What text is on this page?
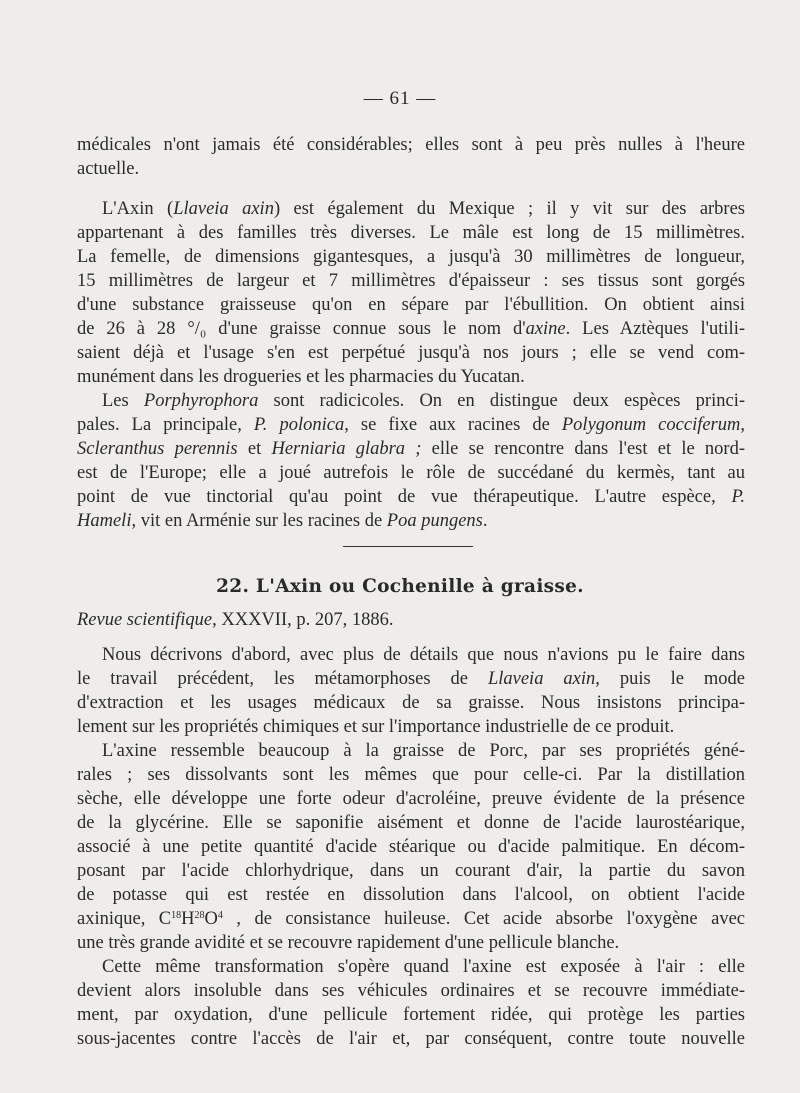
— 61 —
médicales n'ont jamais été considérables; elles sont à peu près nulles à l'heure
actuelle.
L'Axin (Llaveia axin) est également du Mexique ; il y vit sur des arbres
appartenant à des familles très diverses. Le mâle est long de 15 millimètres.
La femelle, de dimensions gigantesques, a jusqu'à 30 millimètres de longueur,
15 millimètres de largeur et 7 millimètres d'épaisseur : ses tissus sont gorgés
d'une substance graisseuse qu'on en sépare par l'ébullition. On obtient ainsi
de 26 à 28 °/₀ d'une graisse connue sous le nom d'axine. Les Aztèques l'utili-
saient déjà et l'usage s'en est perpétué jusqu'à nos jours ; elle se vend com-
munément dans les drogueries et les pharmacies du Yucatan.
Les Porphyrophora sont radicicoles. On en distingue deux espèces princi-
pales. La principale, P. polonica, se fixe aux racines de Polygonum cocciferum,
Scleranthus perennis et Herniaria glabra ; elle se rencontre dans l'est et le nord-
est de l'Europe; elle a joué autrefois le rôle de succédané du kermès, tant au
point de vue tinctorial qu'au point de vue thérapeutique. L'autre espèce, P.
Hameli, vit en Arménie sur les racines de Poa pungens.
22. L'Axin ou Cochenille à graisse.
Revue scientifique, XXXVII, p. 207, 1886.
Nous décrivons d'abord, avec plus de détails que nous n'avions pu le faire dans
le travail précédent, les métamorphoses de Llaveia axin, puis le mode
d'extraction et les usages médicaux de sa graisse. Nous insistons principa-
lement sur les propriétés chimiques et sur l'importance industrielle de ce produit.
L'axine ressemble beaucoup à la graisse de Porc, par ses propriétés géné-
rales ; ses dissolvants sont les mêmes que pour celle-ci. Par la distillation
sèche, elle développe une forte odeur d'acroléine, preuve évidente de la présence
de la glycérine. Elle se saponifie aisément et donne de l'acide laurostéarique,
associé à une petite quantité d'acide stéarique ou d'acide palmitique. En décom-
posant par l'acide chlorhydrique, dans un courant d'air, la partie du savon
de potasse qui est restée en dissolution dans l'alcool, on obtient l'acide
axinique, $C^{18}H^{28}O^4$ , de consistance huileuse. Cet acide absorbe l'oxygène avec
une très grande avidité et se recouvre rapidement d'une pellicule blanche.
Cette même transformation s'opère quand l'axine est exposée à l'air : elle
devient alors insoluble dans ses véhicules ordinaires et se recouvre immédiate-
ment, par oxydation, d'une pellicule fortement ridée, qui protège les parties
sous-jacentes contre l'accès de l'air et, par conséquent, contre toute nouvelle
